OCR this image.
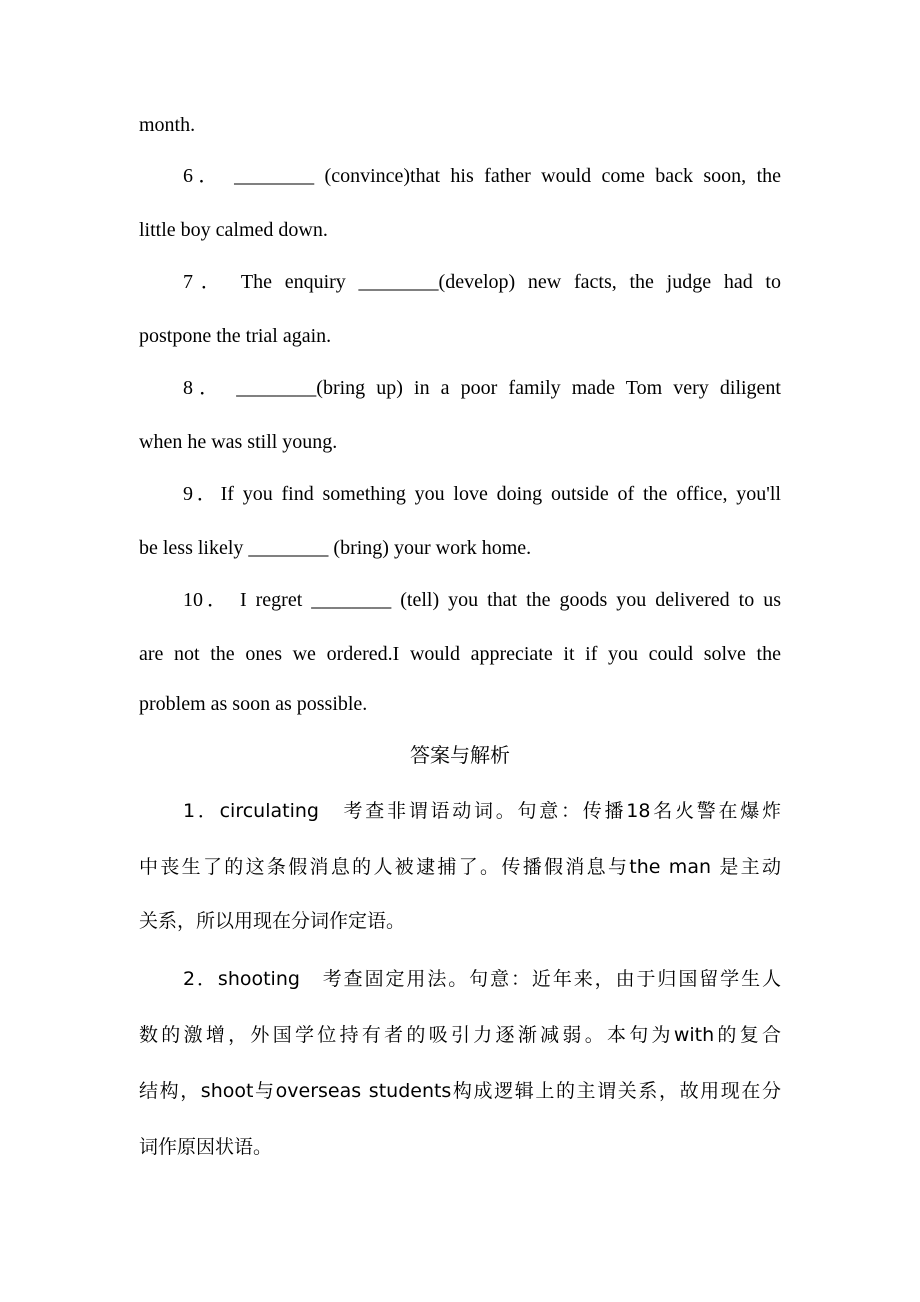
month.
6． ________ (convince)that his father would come back soon, the
little boy calmed down.
7． The enquiry ________(develop) new facts, the judge had to
postpone the trial again.
8． ________(bring up) in a poor family made Tom very diligent
when he was still young.
9．If you find something you love doing outside of the office, you'll
be less likely ________ (bring) your work home.
10． I regret ________ (tell) you that the goods you delivered to us
are not the ones we ordered.I would appreciate it if you could solve the
problem as soon as possible.
答案与解析
1．circulating　考查非谓语动词。句意：传播18名火警在爆炸
中丧生了的这条假消息的人被逮捕了。传播假消息与the man 是主动
关系，所以用现在分词作定语。
2．shooting　考查固定用法。句意：近年来，由于归国留学生人
数的激增，外国学位持有者的吸引力逐渐减弱。本句为with的复合
结构，shoot与overseas students构成逻辑上的主谓关系，故用现在分
词作原因状语。
